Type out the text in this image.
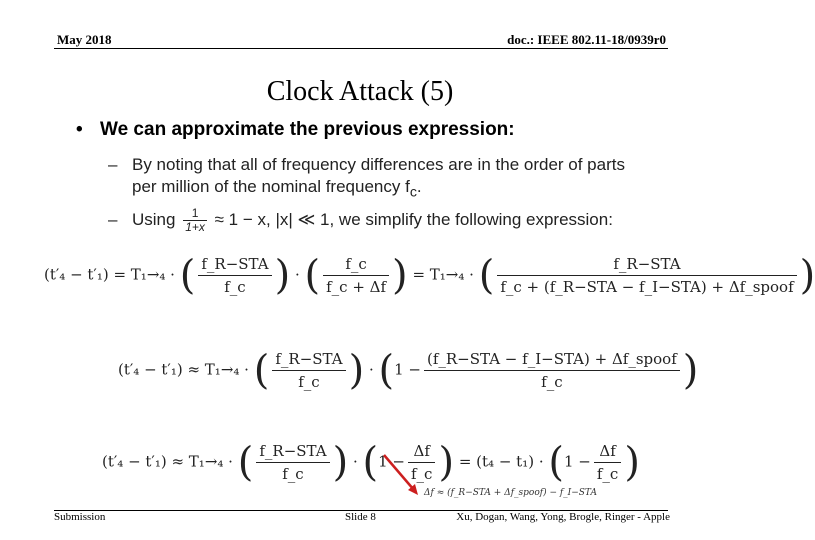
May 2018	doc.: IEEE 802.11-18/0939r0
Clock Attack (5)
• We can approximate the previous expression:
– By noting that all of frequency differences are in the order of parts
per million of the nominal frequency $f_c$.
– Using $\frac{1}{1+x} \approx 1 - x$, |x| ≪ 1, we simplify the following expression:
(t′₄ − t′₁) = T₁→₄ · ( f_R−STA
f_c ) · ( $\frac{f\_c}{f\_c + \Delta f}$ ) = T₁→₄ · (	f_R−STA
f_c + (f_R−STA − f_I−STA) + Δf_spoof )
(t′₄ − t′₁) ≈ T₁→₄ · ( f_R−STA
f_c ) · (1 −
(f_R−STA − f_I−STA) + Δf_spoof
f_c	)
(t′₄ − t′₁) ≈ T₁→₄ · ( f_R−STA
f_c ) · ($1 - \frac{\Delta f}{f\_c}$ ) = $(t_4 - t_1) \cdot (1 - \frac{\Delta f}{f\_c}$ )
Δf ≈ (f_R−STA + Δf_spoof) − f_I−STA
Submission	Slide 8	Xu, Dogan, Wang, Yong, Brogle, Ringer - Apple
